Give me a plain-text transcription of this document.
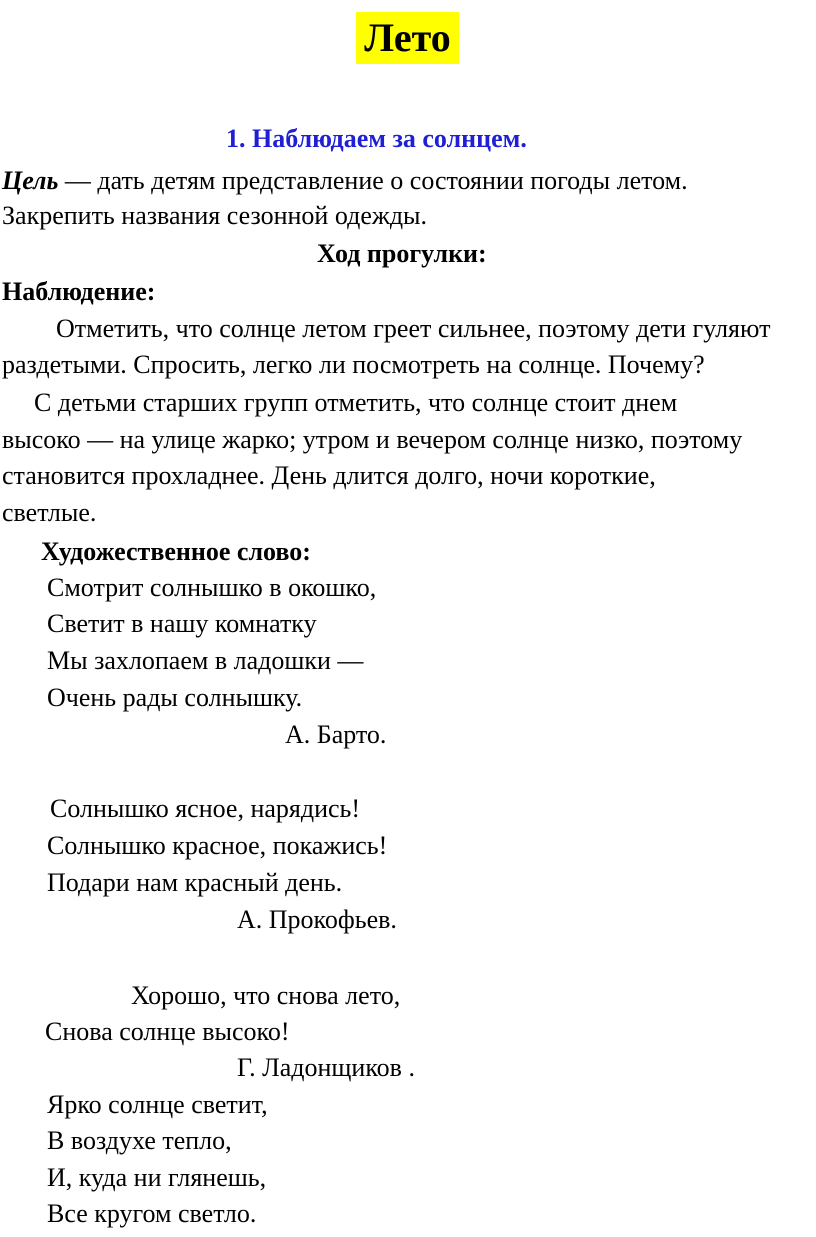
Лето
1. Наблюдаем за солнцем.
Цель — дать детям представление о состоянии погоды летом.
Закрепить названия сезонной одежды.
Ход прогулки:
Наблюдение:
Отметить, что солнце летом греет сильнее, поэтому дети гуляют
раздетыми. Спросить, легко ли посмотреть на солнце. Почему?
С детьми старших групп отметить, что солнце стоит днем
высоко — на улице жарко; утром и вечером солнце низко, поэтому
становится прохладнее. День длится долго, ночи короткие,
светлые.
Художественное слово:
Смотрит солнышко в окошко,
Светит в нашу комнатку
Мы захлопаем в ладошки —
Очень рады солнышку.
А. Барто.
Солнышко ясное, нарядись!
Солнышко красное, покажись!
Подари нам красный день.
А. Прокофьев.
Хорошо, что снова лето,
Снова солнце высоко!
Г. Ладонщиков .
Ярко солнце светит,
В воздухе тепло,
И, куда ни глянешь,
Все кругом светло.
